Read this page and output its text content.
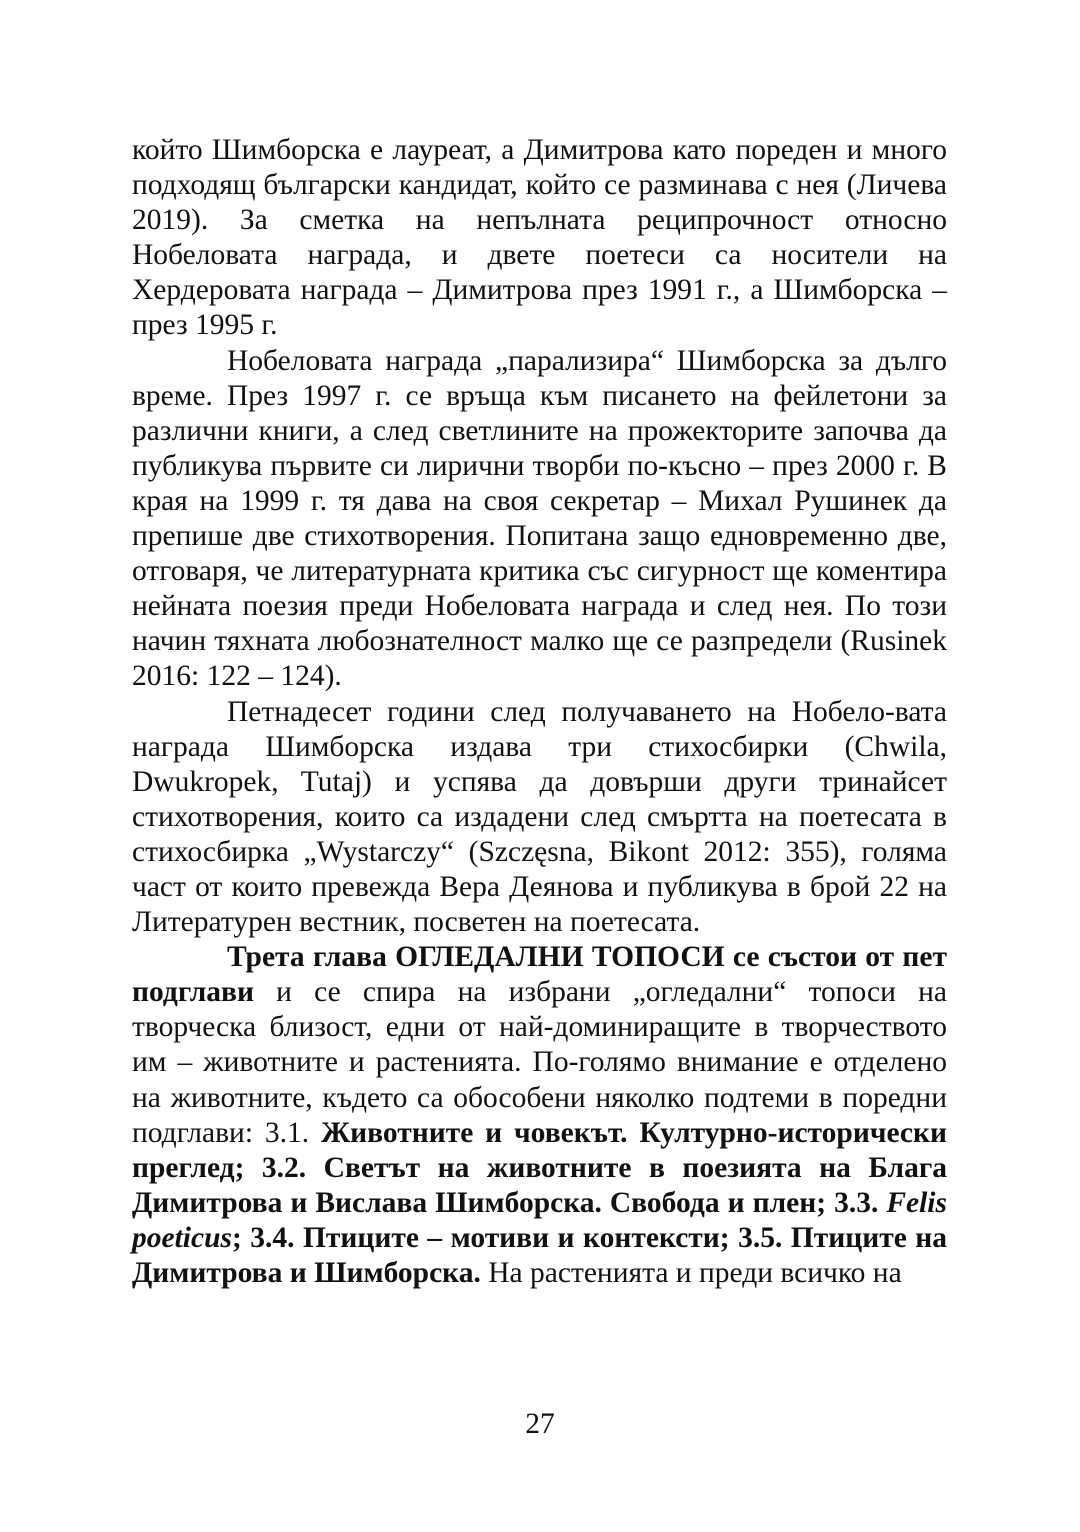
който Шимборска е лауреат, а Димитрова като пореден и много подходящ български кандидат, който се разминава с нея (Личева 2019). За сметка на непълната реципрочност относно Нобеловата награда, и двете поетеси са носители на Хердеровата награда – Димитрова през 1991 г., а Шимборска – през 1995 г.

Нобеловата награда „парализира“ Шимборска за дълго време. През 1997 г. се връща към писането на фейлетони за различни книги, а след светлините на прожекторите започва да публикува първите си лирични творби по-късно – през 2000 г. В края на 1999 г. тя дава на своя секретар – Михал Рушинек да препише две стихотворения. Попитана защо едновременно две, отговаря, че литературната критика със сигурност ще коментира нейната поезия преди Нобеловата награда и след нея. По този начин тяхната любознателност малко ще се разпредели (Rusinek 2016: 122 – 124).

Петнадесет години след получаването на Нобело-вата награда Шимборска издава три стихосбирки (Chwila, Dwukropek, Tutaj) и успява да довърши други тринайсет стихотворения, които са издадени след смъртта на поетесата в стихосбирка „Wystarczy“ (Szczęsna, Bikont 2012: 355), голяма част от които превежда Вера Деянова и публикува в брой 22 на Литературен вестник, посветен на поетесата.

Трета глава ОГЛЕДАЛНИ ТОПОСИ се състои от пет подглави и се спира на избрани „огледални“ топоси на творческа близост, едни от най-доминиращите в творчеството им – животните и растенията. По-голямо внимание е отделено на животните, където са обособени няколко подтеми в поредни подглави: 3.1. Животните и човекът. Културно-исторически преглед; 3.2. Светът на животните в поезията на Блага Димитрова и Вислава Шимборска. Свобода и плен; 3.3. Felis poeticus; 3.4. Птиците – мотиви и контексти; 3.5. Птиците на Димитрова и Шимборска. На растенията и преди всичко на

27
